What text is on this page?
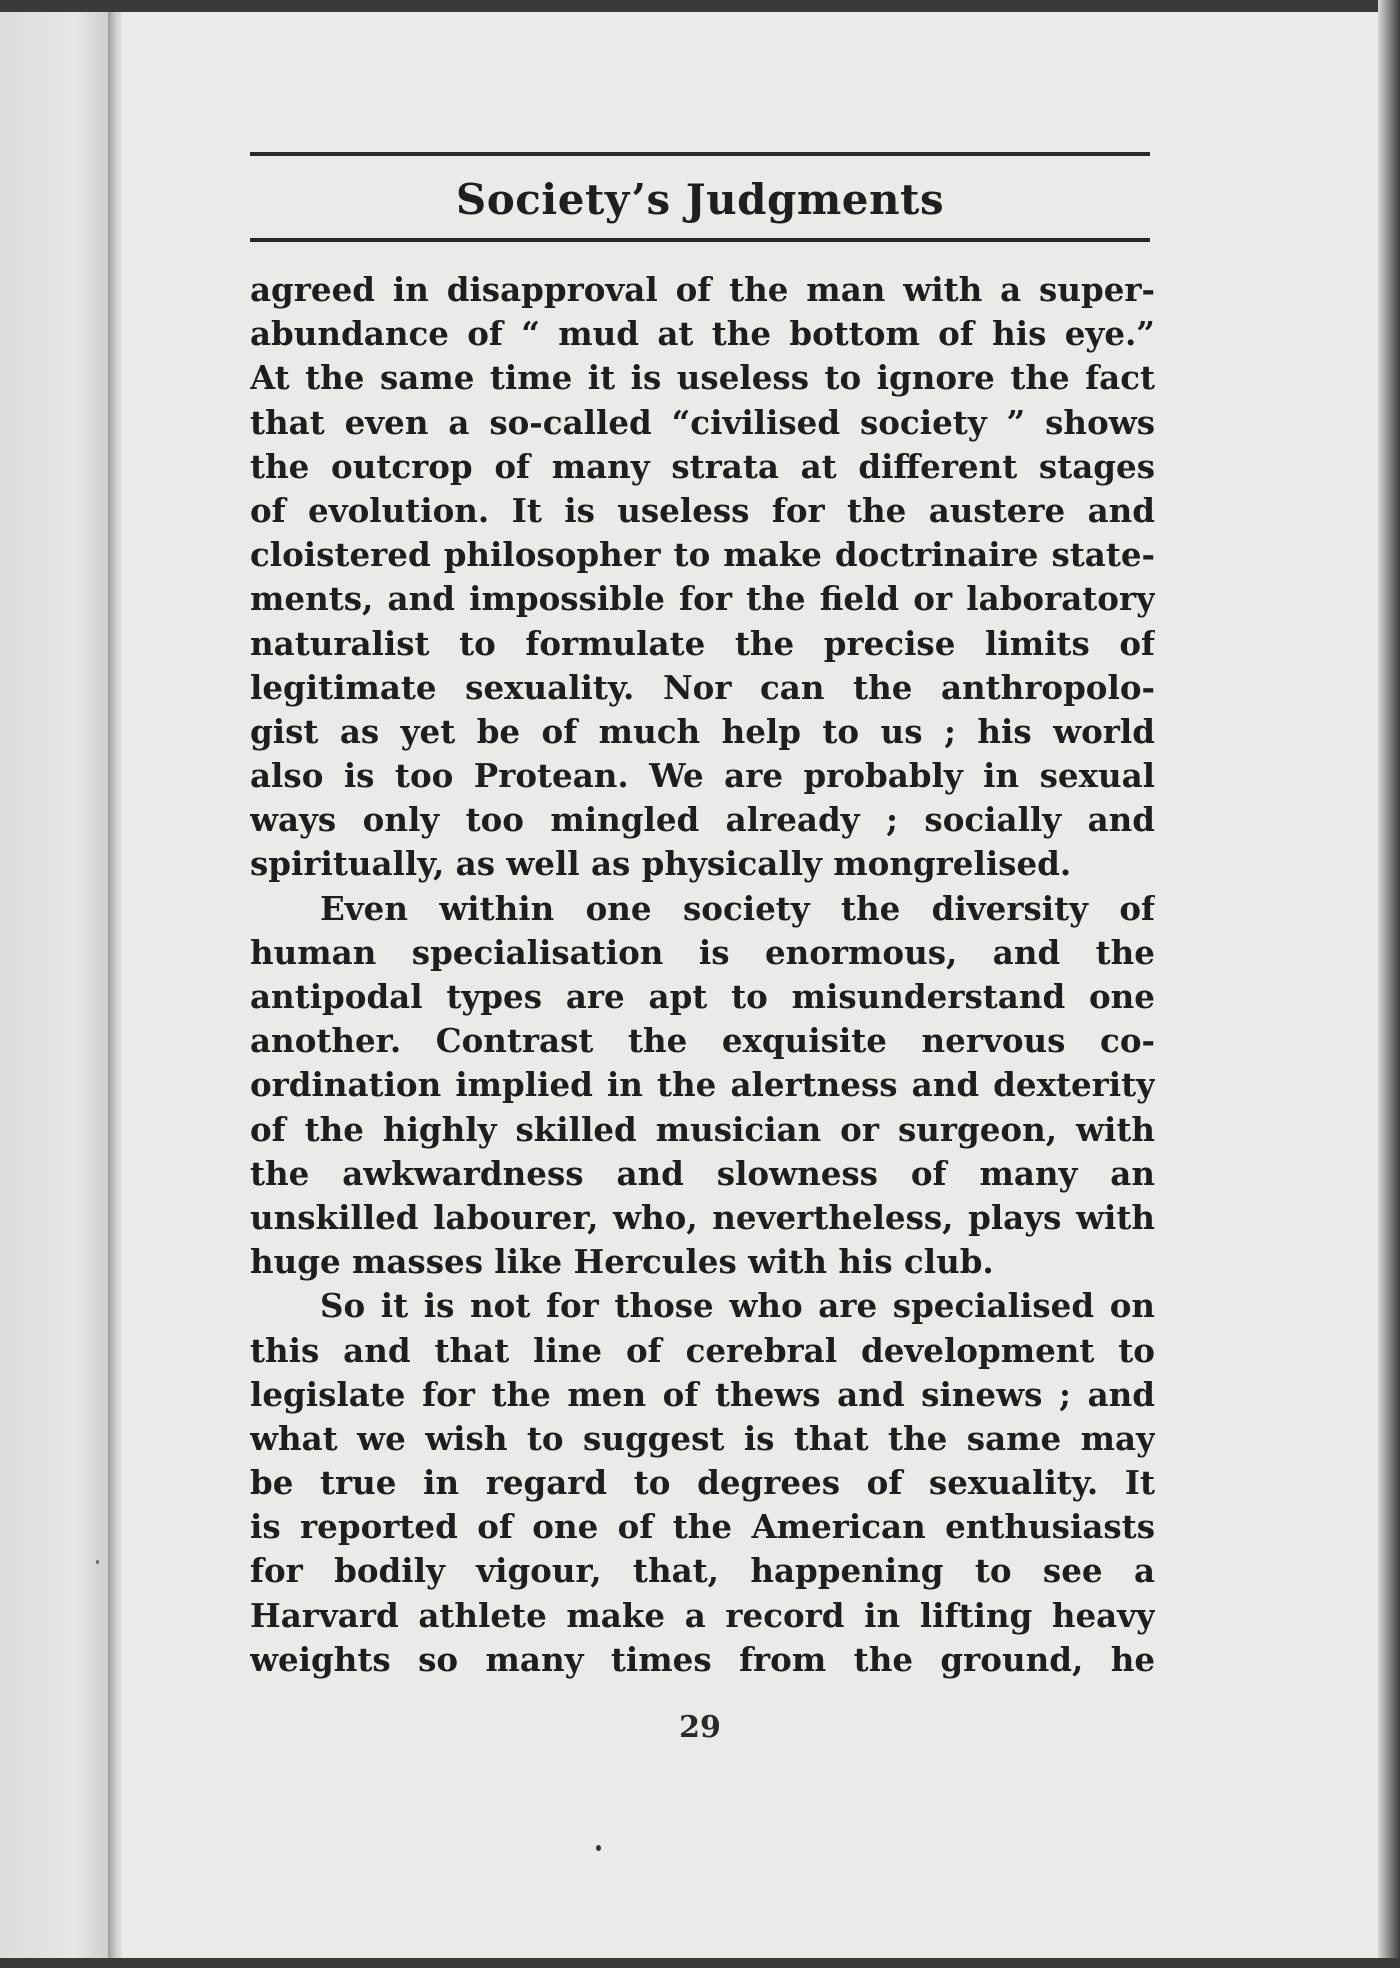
Society’s Judgments
agreed in disapproval of the man with a super-
abundance of “ mud at the bottom of his eye.”
At the same time it is useless to ignore the fact
that even a so-called “civilised society ” shows
the outcrop of many strata at different stages
of evolution. It is useless for the austere and
cloistered philosopher to make doctrinaire state-
ments, and impossible for the field or laboratory
naturalist to formulate the precise limits of
legitimate sexuality. Nor can the anthropolo-
gist as yet be of much help to us ; his world
also is too Protean. We are probably in sexual
ways only too mingled already ; socially and
spiritually, as well as physically mongrelised.
Even within one society the diversity of
human specialisation is enormous, and the
antipodal types are apt to misunderstand one
another. Contrast the exquisite nervous co-
ordination implied in the alertness and dexterity
of the highly skilled musician or surgeon, with
the awkwardness and slowness of many an
unskilled labourer, who, nevertheless, plays with
huge masses like Hercules with his club.
So it is not for those who are specialised on
this and that line of cerebral development to
legislate for the men of thews and sinews ; and
what we wish to suggest is that the same may
be true in regard to degrees of sexuality. It
is reported of one of the American enthusiasts
for bodily vigour, that, happening to see a
Harvard athlete make a record in lifting heavy
weights so many times from the ground, he
29
